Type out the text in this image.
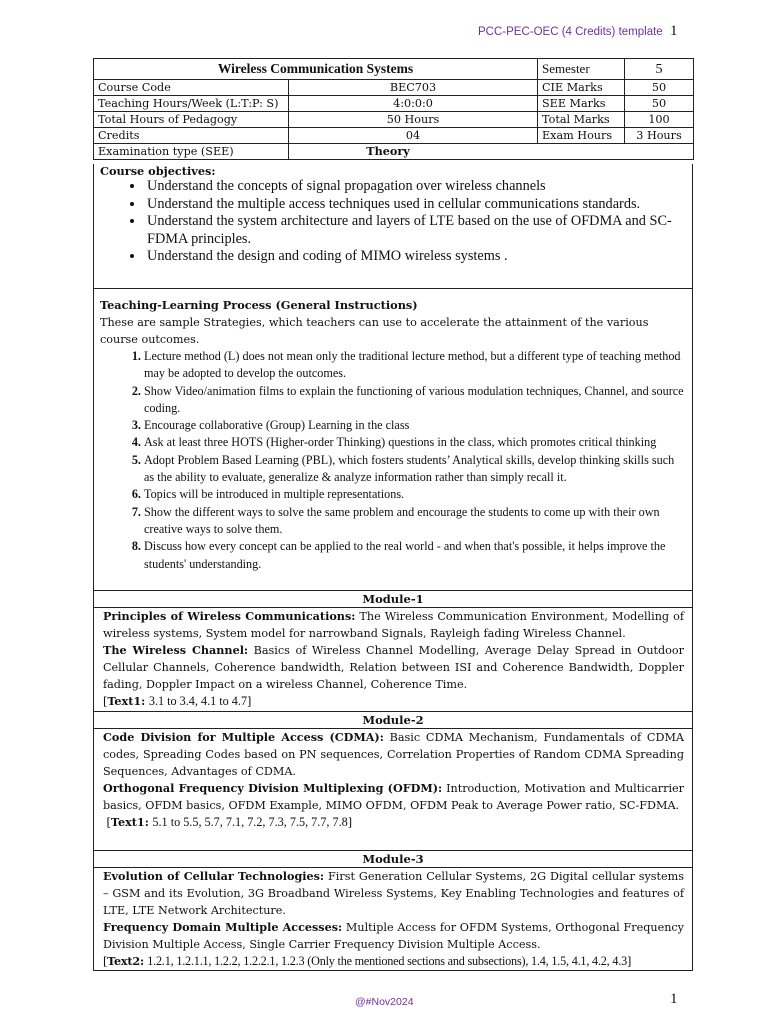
PCC-PEC-OEC (4 Credits) template 1
Wireless Communication Systems		Semester	5
Course Code	BEC703	CIE Marks	50
Teaching Hours/Week (L:T:P: S)	4:0:0:0	SEE Marks	50
Total Hours of Pedagogy	50 Hours	Total Marks	100
Credits	04	Exam Hours	3 Hours
Examination type (SEE)	Theory		
Course objectives:
• Understand the concepts of signal propagation over wireless channels
• Understand the multiple access techniques used in cellular communications standards.
• Understand the system architecture and layers of LTE based on the use of OFDMA and SC-FDMA principles.
• Understand the design and coding of MIMO wireless systems .
Teaching-Learning Process (General Instructions)

These are sample Strategies, which teachers can use to accelerate the attainment of the various course outcomes.

1. Lecture method (L) does not mean only the traditional lecture method, but a different type of teaching method may be adopted to develop the outcomes.
2. Show Video/animation films to explain the functioning of various modulation techniques, Channel, and source coding.
3. Encourage collaborative (Group) Learning in the class
4. Ask at least three HOTS (Higher-order Thinking) questions in the class, which promotes critical thinking
5. Adopt Problem Based Learning (PBL), which fosters students’ Analytical skills, develop thinking skills such as the ability to evaluate, generalize & analyze information rather than simply recall it.
6. Topics will be introduced in multiple representations.
7. Show the different ways to solve the same problem and encourage the students to come up with their own creative ways to solve them.
8. Discuss how every concept can be applied to the real world - and when that's possible, it helps improve the students' understanding.
Module-1

Principles of Wireless Communications: The Wireless Communication Environment, Modelling of wireless systems, System model for narrowband Signals, Rayleigh fading Wireless Channel.

The Wireless Channel: Basics of Wireless Channel Modelling, Average Delay Spread in Outdoor Cellular Channels, Coherence bandwidth, Relation between ISI and Coherence Bandwidth, Doppler fading, Doppler Impact on a wireless Channel, Coherence Time.

[Text1: 3.1 to 3.4, 4.1 to 4.7]

Module-2

Code Division for Multiple Access (CDMA): Basic CDMA Mechanism, Fundamentals of CDMA codes, Spreading Codes based on PN sequences, Correlation Properties of Random CDMA Spreading Sequences, Advantages of CDMA.

Orthogonal Frequency Division Multiplexing (OFDM): Introduction, Motivation and Multicarrier basics, OFDM basics, OFDM Example, MIMO OFDM, OFDM Peak to Average Power ratio, SC-FDMA.

[Text1: 5.1 to 5.5, 5.7, 7.1, 7.2, 7.3, 7.5, 7.7, 7.8]

Module-3

Evolution of Cellular Technologies: First Generation Cellular Systems, 2G Digital cellular systems – GSM and its Evolution, 3G Broadband Wireless Systems, Key Enabling Technologies and features of LTE, LTE Network Architecture.

Frequency Domain Multiple Accesses: Multiple Access for OFDM Systems, Orthogonal Frequency Division Multiple Access, Single Carrier Frequency Division Multiple Access.

[Text2: 1.2.1, 1.2.1.1, 1.2.2, 1.2.2.1, 1.2.3 (Only the mentioned sections and subsections), 1.4, 1.5, 4.1, 4.2, 4.3]

@#Nov2024	1
